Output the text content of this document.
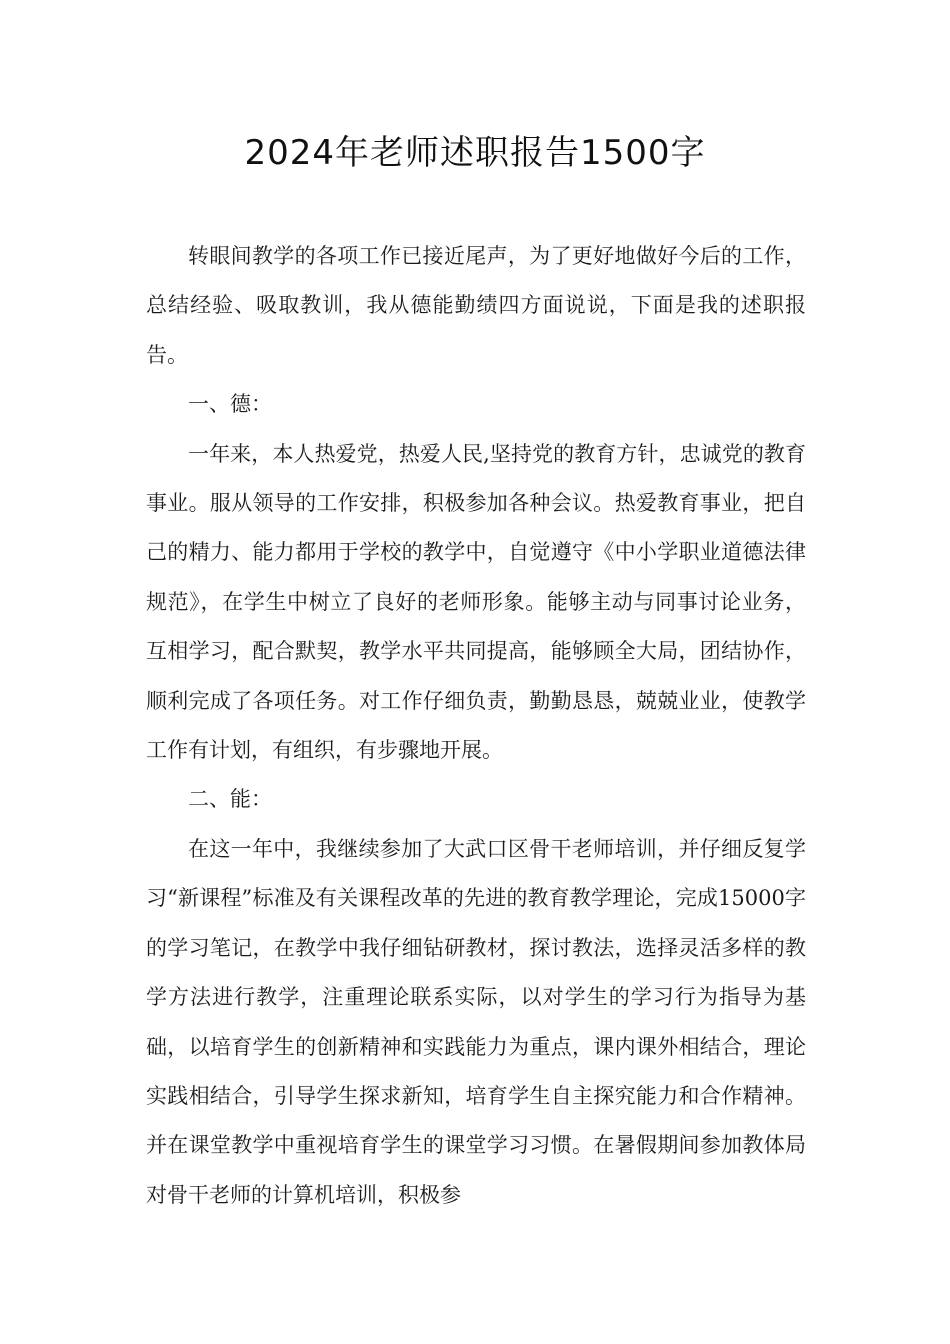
2024年老师述职报告1500字

转眼间教学的各项工作已接近尾声，为了更好地做好今后的工作，总结经验、吸取教训，我从德能勤绩四方面说说，下面是我的述职报告。

一、德：

一年来，本人热爱党，热爱人民,坚持党的教育方针，忠诚党的教育事业。服从领导的工作安排，积极参加各种会议。热爱教育事业，把自己的精力、能力都用于学校的教学中，自觉遵守《中小学职业道德法律规范》，在学生中树立了良好的老师形象。能够主动与同事讨论业务，互相学习，配合默契，教学水平共同提高，能够顾全大局，团结协作，顺利完成了各项任务。对工作仔细负责，勤勤恳恳，兢兢业业，使教学工作有计划，有组织，有步骤地开展。

二、能：

在这一年中，我继续参加了大武口区骨干老师培训，并仔细反复学习“新课程”标准及有关课程改革的先进的教育教学理论，完成15000字的学习笔记，在教学中我仔细钻研教材，探讨教法，选择灵活多样的教学方法进行教学，注重理论联系实际，以对学生的学习行为指导为基础，以培育学生的创新精神和实践能力为重点，课内课外相结合，理论实践相结合，引导学生探求新知，培育学生自主探究能力和合作精神。并在课堂教学中重视培育学生的课堂学习习惯。在暑假期间参加教体局对骨干老师的计算机培训，积极参
